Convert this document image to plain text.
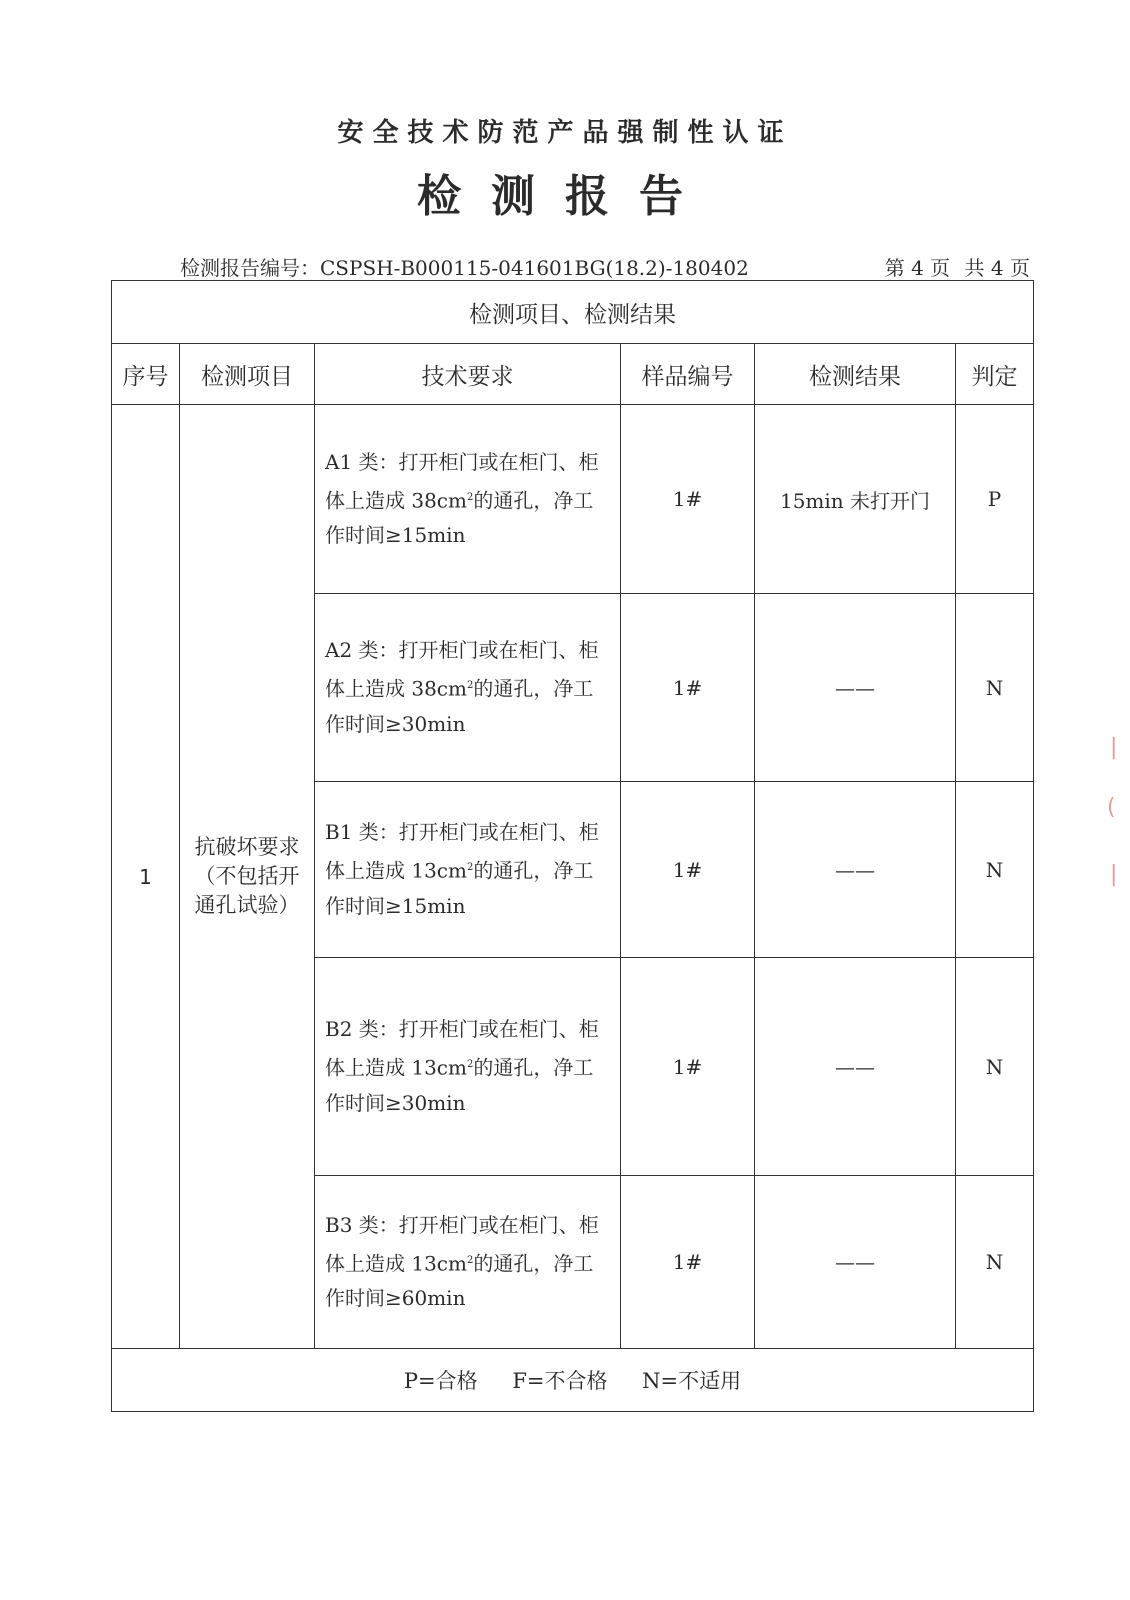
安全技术防范产品强制性认证
检测报告
检测报告编号：CSPSH-B000115-041601BG(18.2)-180402	第 4 页 共 4 页
检测项目、检测结果					
序号	检测项目	技术要求	样品编号	检测结果	判定
1	抗破坏要求（不包括开通孔试验）	A1 类：打开柜门或在柜门、柜体上造成 $38cm^2$的通孔，净工作时间≥15min	1#	15min 未打开门	P
		A2 类：打开柜门或在柜门、柜体上造成 $38cm^2$的通孔，净工作时间≥30min	1#	——	N
		B1 类：打开柜门或在柜门、柜体上造成 $13cm^2$的通孔，净工作时间≥15min	1#	——	N
		B2 类：打开柜门或在柜门、柜体上造成 $13cm^2$的通孔，净工作时间≥30min	1#	——	N
		B3 类：打开柜门或在柜门、柜体上造成 $13cm^2$的通孔，净工作时间≥60min	1#	——	N
P=合格 F=不合格 N=不适用					
|
(
|
